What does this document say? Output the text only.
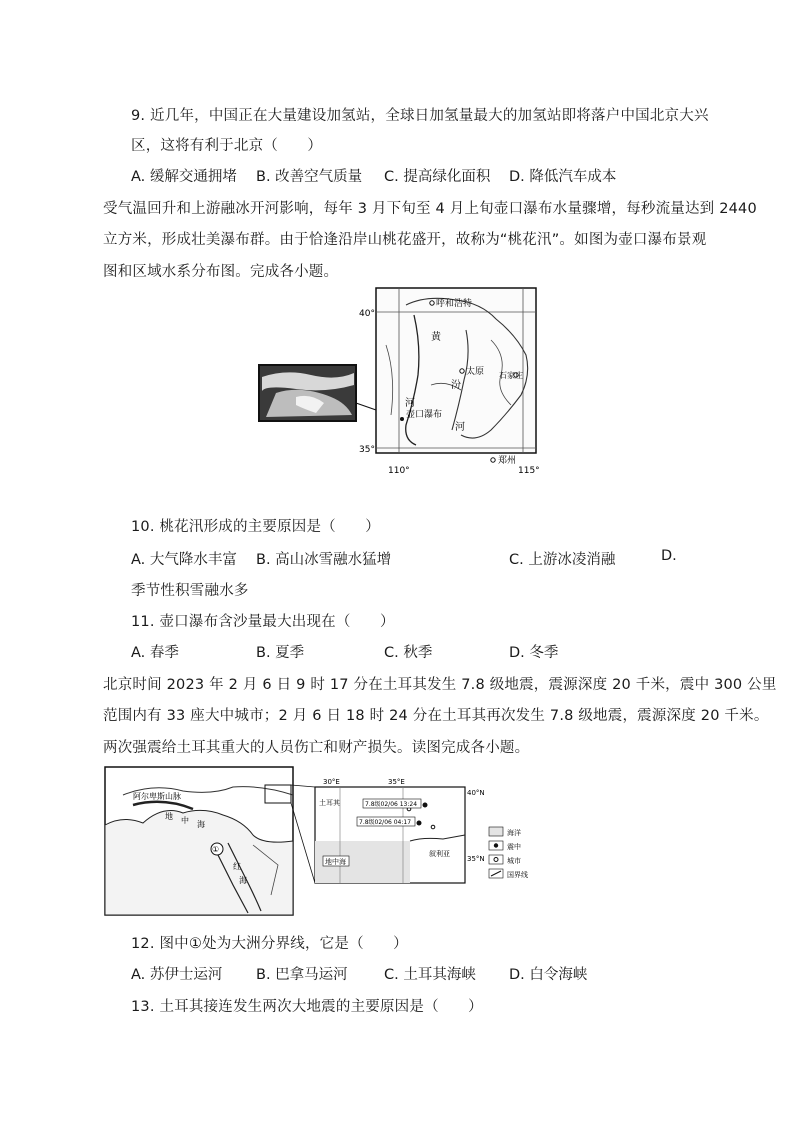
9. 近几年，中国正在大量建设加氢站，全球日加氢量最大的加氢站即将落户中国北京大兴
区，这将有利于北京（　　）
A. 缓解交通拥堵 B. 改善空气质量 C. 提高绿化面积 D. 降低汽车成本
受气温回升和上游融冰开河影响，每年 3 月下旬至 4 月上旬壶口瀑布水量骤增，每秒流量达到 2440
立方米，形成壮美瀑布群。由于恰逢沿岸山桃花盛开，故称为“桃花汛”。如图为壶口瀑布景观
图和区域水系分布图。完成各小题。
呼和浩特
太原 石家庄
郑州
壶口瀑布
黄
河
汾
河
40°
35°
110°	115°
10. 桃花汛形成的主要原因是（　　）
A. 大气降水丰富 B. 高山冰雪融水猛增	C. 上游冰凌消融	D.
季节性积雪融水多
11. 壶口瀑布含沙量最大出现在（　　）
A. 春季	B. 夏季	C. 秋季	D. 冬季
北京时间 2023 年 2 月 6 日 9 时 17 分在土耳其发生 7.8 级地震，震源深度 20 千米，震中 300 公里
范围内有 33 座大中城市；2 月 6 日 18 时 24 分在土耳其再次发生 7.8 级地震，震源深度 20 千米。
两次强震给土耳其重大的人员伤亡和财产损失。读图完成各小题。
阿尔卑斯山脉
地 中 海
①
红
海
7.8级02/06 13:24
7.8级02/06 04:17
土耳其
地中海
叙利亚
30°E	35°E
40°N
35°N
海洋
震中
城市
国界线
12. 图中①处为大洲分界线，它是（　　）
A. 苏伊士运河 B. 巴拿马运河	C. 土耳其海峡 D. 白令海峡
13. 土耳其接连发生两次大地震的主要原因是（　　）
